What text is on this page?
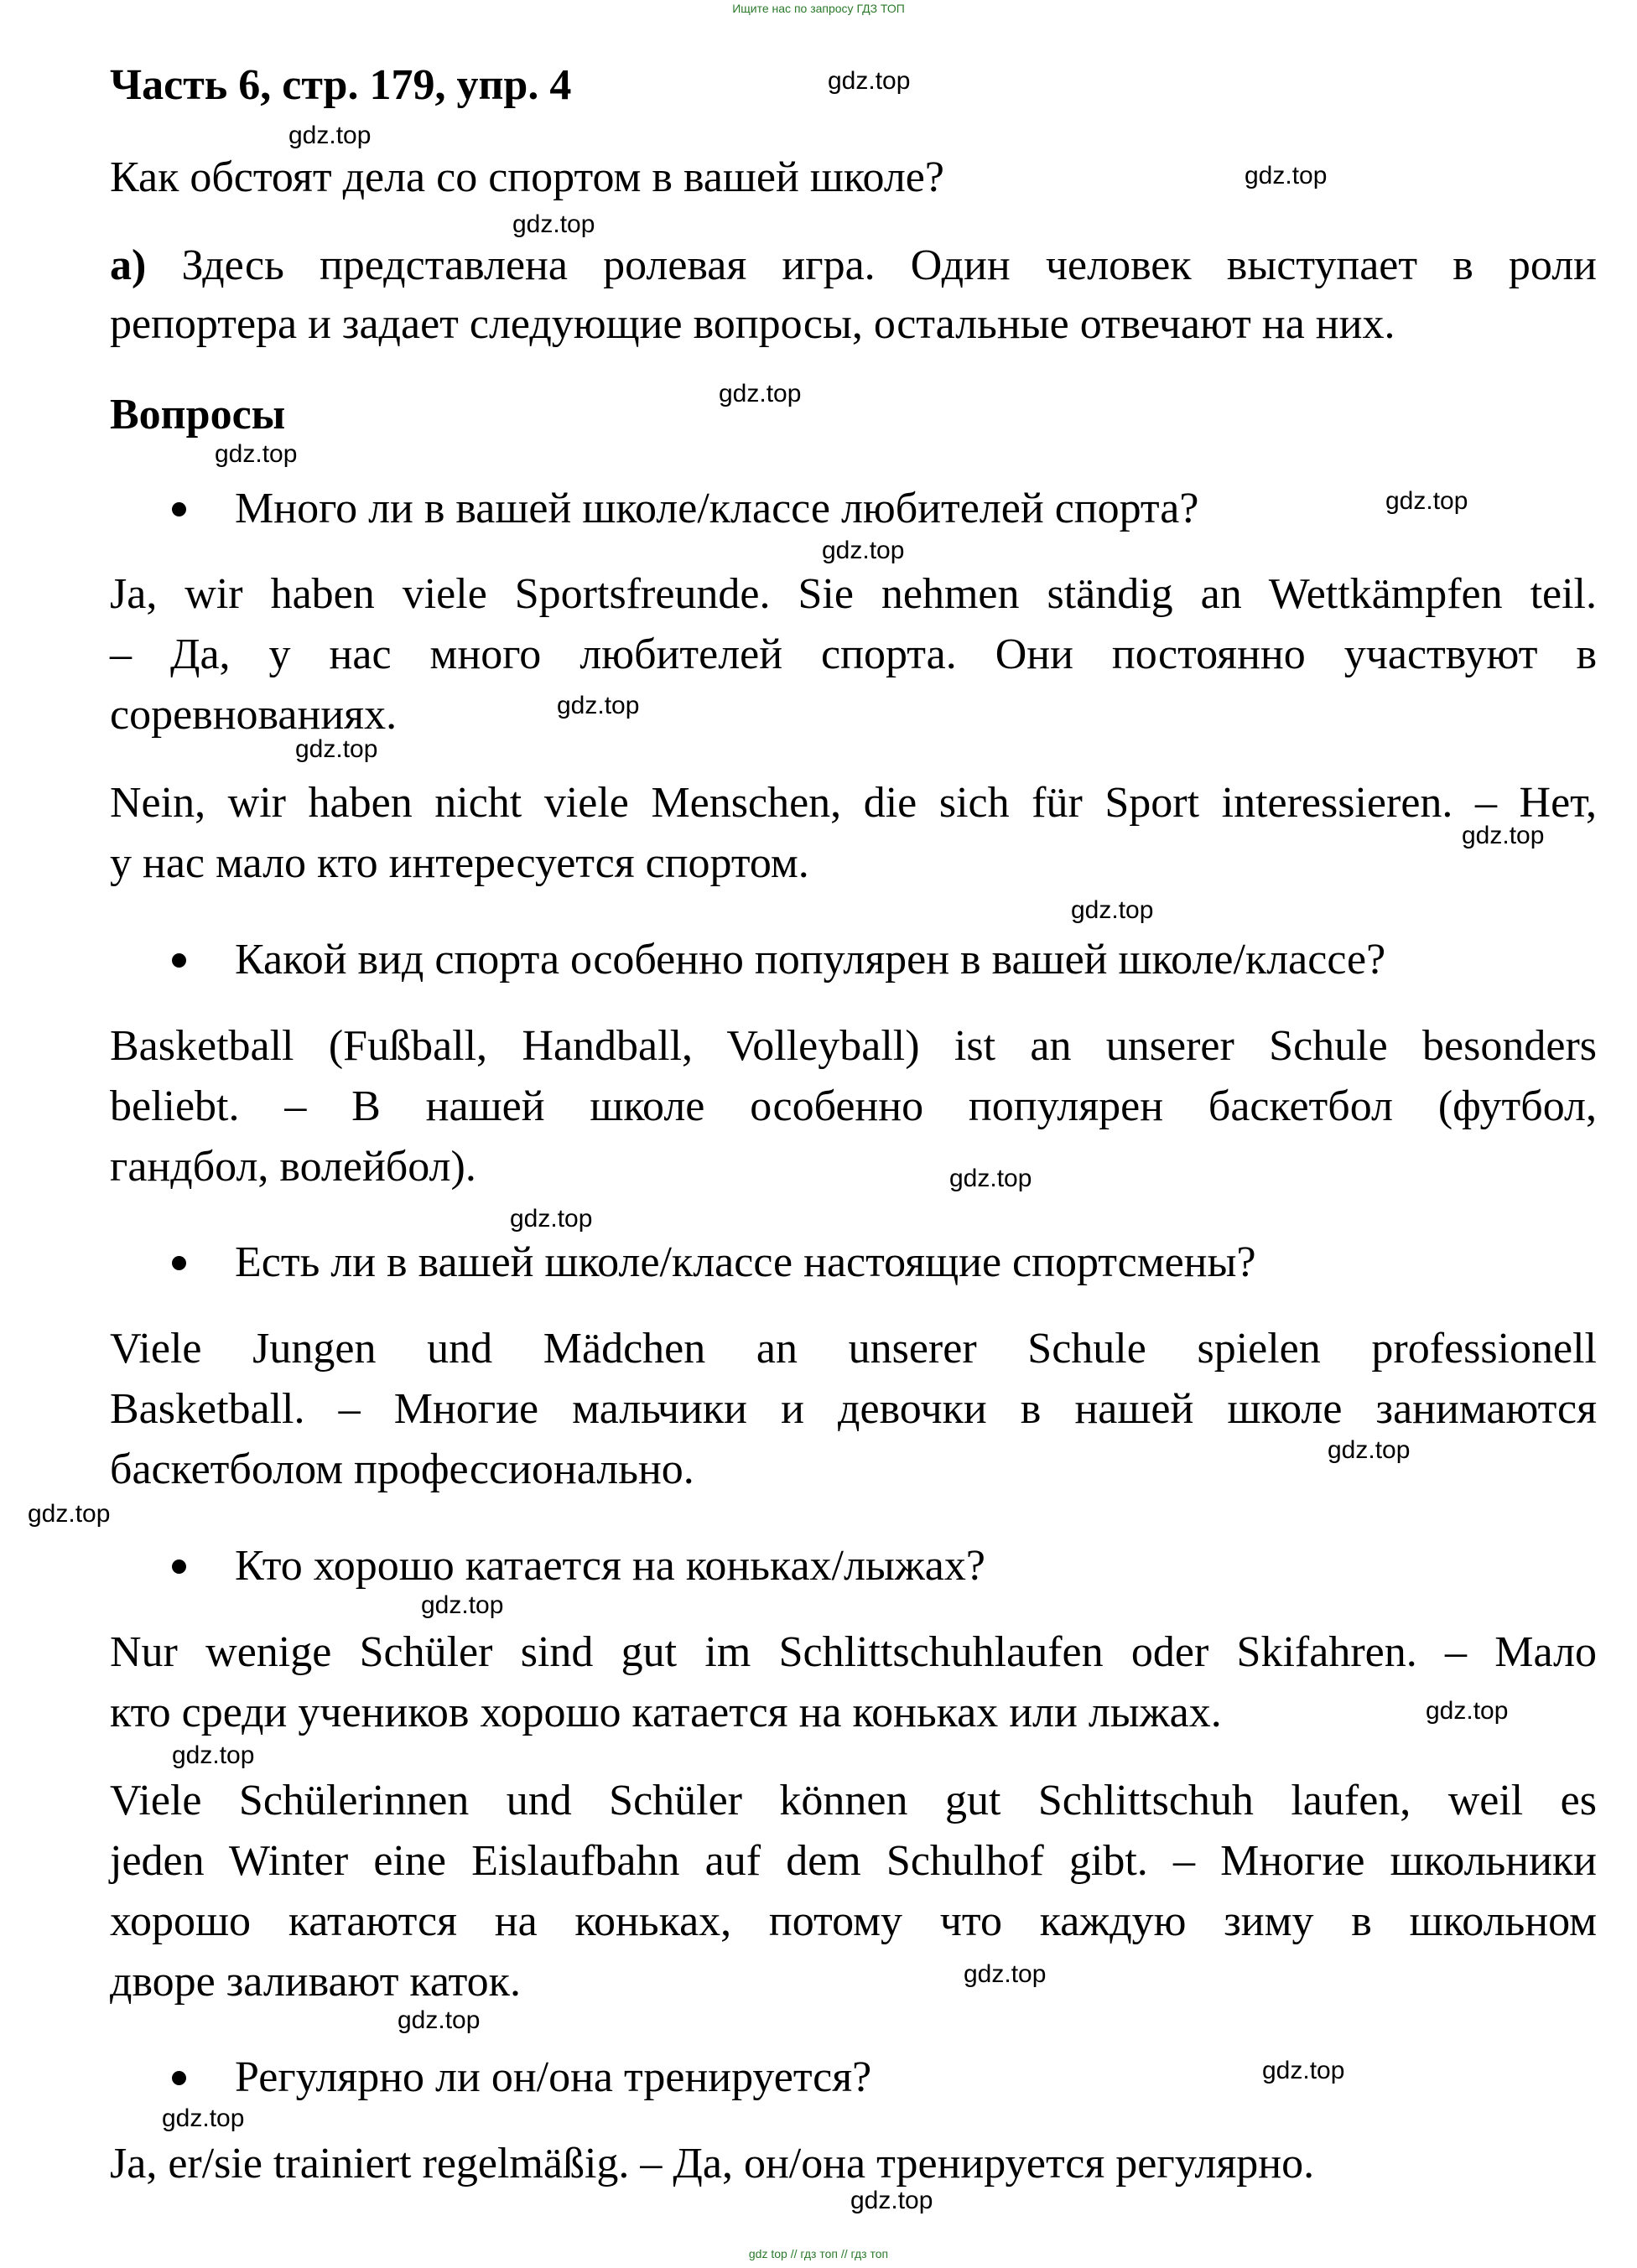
Ищите нас по запросу ГДЗ ТОП
Часть 6, стр. 179, упр. 4
Как обстоят дела со спортом в вашей школе?
а) Здесь представлена ролевая игра. Один человек выступает в роли
репортера и задает следующие вопросы, остальные отвечают на них.
Вопросы
Много ли в вашей школе/классе любителей спорта?
Ja, wir haben viele Sportsfreunde. Sie nehmen ständig an Wettkämpfen teil.
– Да, у нас много любителей спорта. Они постоянно участвуют в
соревнованиях.
Nein, wir haben nicht viele Menschen, die sich für Sport interessieren. – Нет,
у нас мало кто интересуется спортом.
Какой вид спорта особенно популярен в вашей школе/классе?
Basketball (Fußball, Handball, Volleyball) ist an unserer Schule besonders
beliebt. – В нашей школе особенно популярен баскетбол (футбол,
гандбол, волейбол).
Есть ли в вашей школе/классе настоящие спортсмены?
Viele Jungen und Mädchen an unserer Schule spielen professionell
Basketball. – Многие мальчики и девочки в нашей школе занимаются
баскетболом профессионально.
Кто хорошо катается на коньках/лыжах?
Nur wenige Schüler sind gut im Schlittschuhlaufen oder Skifahren. – Мало
кто среди учеников хорошо катается на коньках или лыжах.
Viele Schülerinnen und Schüler können gut Schlittschuh laufen, weil es
jeden Winter eine Eislaufbahn auf dem Schulhof gibt. – Многие школьники
хорошо катаются на коньках, потому что каждую зиму в школьном
дворе заливают каток.
Регулярно ли он/она тренируется?
Ja, er/sie trainiert regelmäßig. – Да, он/она тренируется регулярно.
gdz.top
gdz.top
gdz.top
gdz.top
gdz.top
gdz.top
gdz.top
gdz.top
gdz.top
gdz.top
gdz.top
gdz.top
gdz.top
gdz.top
gdz.top
gdz.top
gdz.top
gdz.top
gdz.top
gdz.top
gdz.top
gdz.top
gdz.top
gdz.top
gdz top // гдз топ // гдз топ
